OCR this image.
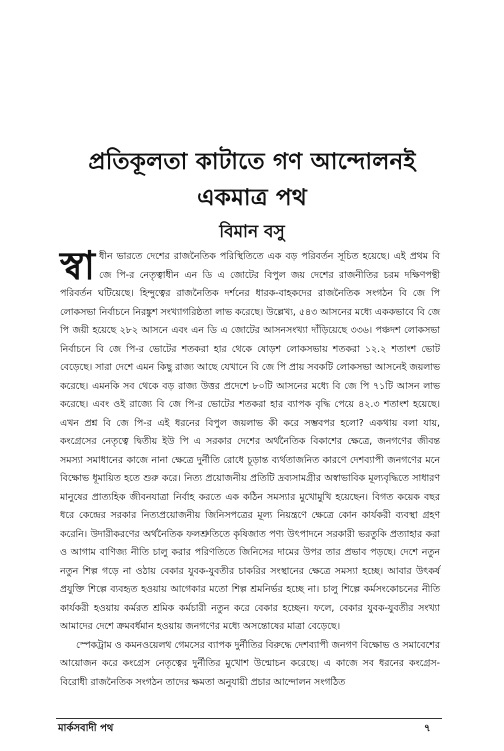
প্রতিকূলতা কাটাতে গণ আন্দোলনই
একমাত্র পথ
বিমান বসু

স্বা ধীন ভারতে দেশের রাজনৈতিক পরিস্থিতিতে এক বড় পরিবর্তন সূচিত হয়েছে। এই প্রথম বি জে পি-র নেতৃত্বাধীন এন ডি এ জোটের বিপুল জয় দেশের রাজনীতির চরম দক্ষিণপন্থী পরিবর্তন ঘটিয়েছে। হিন্দুত্বের রাজনৈতিক দর্শনের ধারক-বাহকদের রাজনৈতিক সংগঠন বি জে পি লোকসভা নির্বাচনে নিরঙ্কুশ সংখ্যাগরিষ্ঠতা লাভ করেছে। উল্লেখ্য, ৫৪৩ আসনের মধ্যে এককভাবে বি জে পি জয়ী হয়েছে ২৮২ আসনে এবং এন ডি এ জোটের আসনসংখ্যা দাঁড়িয়েছে ৩৩৬। পঞ্চদশ লোকসভা নির্বাচনে বি জে পি-র ভোটের শতকরা হার থেকে ষোড়শ লোকসভায় শতকরা ১২.২ শতাংশ ভোট বেড়েছে। সারা দেশে এমন কিছু রাজ্য আছে যেখানে বি জে পি প্রায় সবকটি লোকসভা আসনেই জয়লাভ করেছে। এমনকি সব থেকে বড় রাজ্য উত্তর প্রদেশে ৮০টি আসনের মধ্যে বি জে পি ৭১টি আসন লাভ করেছে। এবং ওই রাজ্যে বি জে পি-র ভোটের শতকরা হার ব্যাপক বৃদ্ধি পেয়ে ৪২.৩ শতাংশ হয়েছে। এখন প্রশ্ন বি জে পি-র এই ধরনের বিপুল জয়লাভ কী করে সম্ভবপর হলো? একথায় বলা যায়, কংগ্রেসের নেতৃত্বে দ্বিতীয় ইউ পি এ সরকার দেশের অর্থনৈতিক বিকাশের ক্ষেত্রে, জনগণের জীবন্ত সমস্যা সমাধানের কাজে নানা ক্ষেত্রে দুর্নীতি রোধে চূড়ান্ত ব্যর্থতাজনিত কারণে দেশব্যাপী জনগণের মনে বিক্ষোভ ধূমায়িত হতে শুরু করে। নিত্য প্রয়োজনীয় প্রতিটি দ্রব্যসামগ্রীর অস্বাভাবিক মূল্যবৃদ্ধিতে সাধারণ মানুষের প্রাত্যহিক জীবনযাত্রা নির্বাহ করতে এক কঠিন সমস্যার মুখোমুখি হয়েছেন। বিগত কয়েক বছর ধরে কেন্দ্রের সরকার নিত্যপ্রয়োজনীয় জিনিসপত্রের মূল্য নিয়ন্ত্রণে ক্ষেত্রে কোন কার্যকরী ব্যবস্থা গ্রহণ করেনি। উদারীকরণের অর্থনৈতিক ফলশ্রুতিতে কৃষিজাত পণ্য উৎপাদনে সরকারী ভরতুকি প্রত্যাহার করা ও আগাম বাণিজ্য নীতি চালু করার পরিণতিতে জিনিসের দামের উপর তার প্রভাব পড়ছে। দেশে নতুন নতুন শিল্প গড়ে না ওঠায় বেকার যুবক-যুবতীর চাকরির সংস্থানের ক্ষেত্রে সমস্যা হচ্ছে। আবার উৎকর্ষ প্রযুক্তি শিল্পে ব্যবহৃত হওয়ায় আগেকার মতো শিল্প শ্রমনির্ভর হচ্ছে না। চালু শিল্পে কর্মসংকোচনের নীতি কার্যকরী হওয়ায় কর্মরত শ্রমিক কর্মচারী নতুন করে বেকার হচ্ছেন। ফলে, বেকার যুবক-যুবতীর সংখ্যা আমাদের দেশে ক্রমবর্ধমান হওয়ায় জনগণের মধ্যে অসন্তোষের মাত্রা বেড়েছে।

স্পেকট্রাম ও কমনওয়েলথ গেমসের ব্যাপক দুর্নীতির বিরুদ্ধে দেশব্যাপী জনগণ বিক্ষোভ ও সমাবেশের আয়োজন করে কংগ্রেস নেতৃত্বের দুর্নীতির মুখোশ উন্মোচন করেছে। এ কাজে সব ধরনের কংগ্রেস-বিরোধী রাজনৈতিক সংগঠন তাদের ক্ষমতা অনুযায়ী প্রচার আন্দোলন সংগঠিত

মার্কসবাদী পথ	৭
